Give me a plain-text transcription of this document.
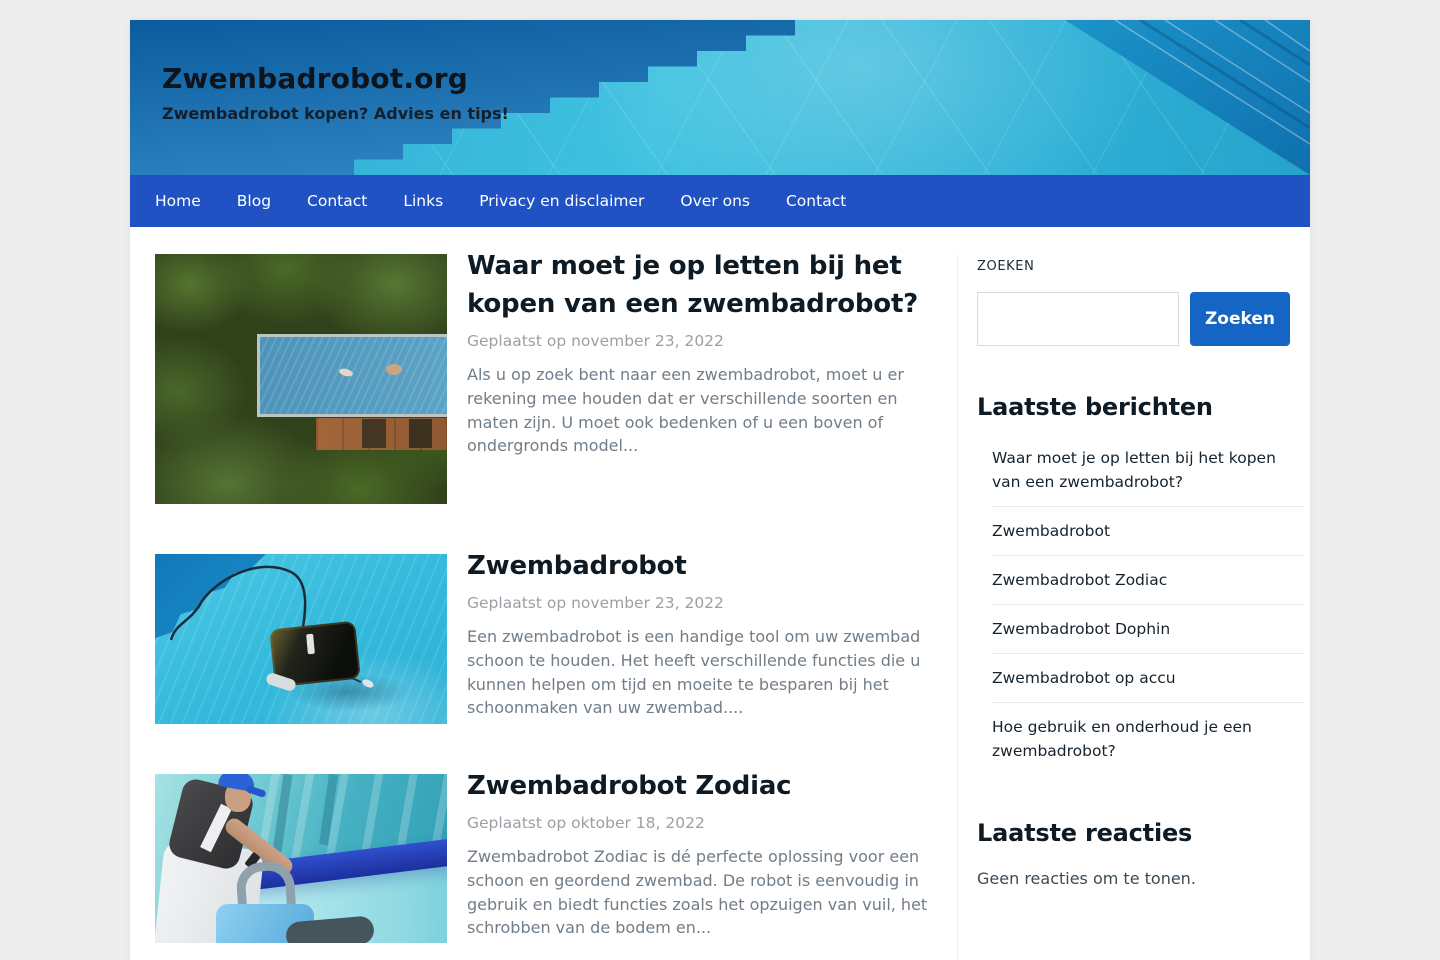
Zwembadrobot.org
Zwembadrobot kopen? Advies en tips!
Home	Blog	Contact	Links	Privacy en disclaimer	Over ons	Contact
Waar moet je op letten bij het kopen van een zwembadrobot?
Geplaatst op november 23, 2022

Als u op zoek bent naar een zwembadrobot, moet u er rekening mee houden dat er verschillende soorten en maten zijn. U moet ook bedenken of u een boven of ondergronds model...

Zwembadrobot
Geplaatst op november 23, 2022

Een zwembadrobot is een handige tool om uw zwembad schoon te houden. Het heeft verschillende functies die u kunnen helpen om tijd en moeite te besparen bij het schoonmaken van uw zwembad....

Zwembadrobot Zodiac
Geplaatst op oktober 18, 2022

Zwembadrobot Zodiac is dé perfecte oplossing voor een schoon en geordend zwembad. De robot is eenvoudig in gebruik en biedt functies zoals het opzuigen van vuil, het schrobben van de bodem en...

ZOEKEN
Zoeken
Laatste berichten
Waar moet je op letten bij het kopen van een zwembadrobot?
Zwembadrobot
Zwembadrobot Zodiac
Zwembadrobot Dophin
Zwembadrobot op accu
Hoe gebruik en onderhoud je een zwembadrobot?
Laatste reacties
Geen reacties om te tonen.
